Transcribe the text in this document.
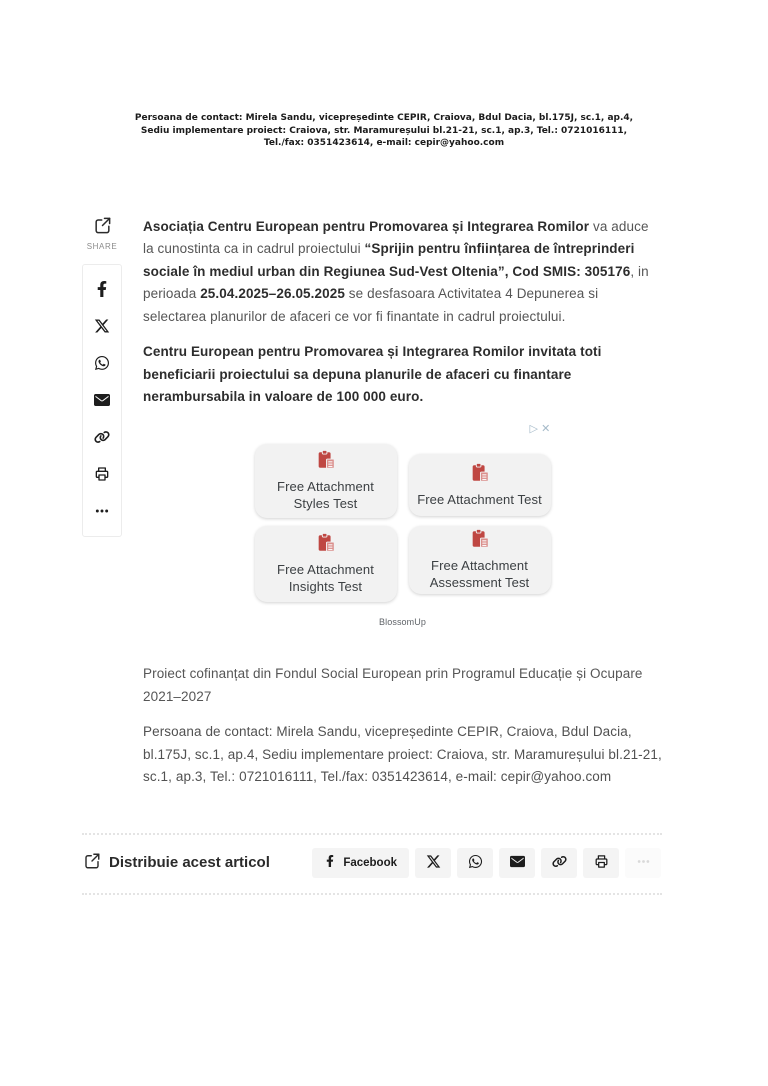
Persoana de contact: Mirela Sandu, vicepreședinte CEPIR, Craiova, Bdul Dacia, bl.175J, sc.1, ap.4,
Sediu implementare proiect: Craiova, str. Maramureșului bl.21-21, sc.1, ap.3, Tel.: 0721016111,
Tel./fax: 0351423614, e-mail: cepir@yahoo.com
SHARE

Asociația Centru European pentru Promovarea și Integrarea Romilor va aduce la cunostinta ca in cadrul proiectului “Sprijin pentru înființarea de întreprinderi sociale în mediul urban din Regiunea Sud-Vest Oltenia”, Cod SMIS: 305176, in perioada 25.04.2025–26.05.2025 se desfasoara Activitatea 4 Depunerea si selectarea planurilor de afaceri ce vor fi finantate in cadrul proiectului.

Centru European pentru Promovarea și Integrarea Romilor invitata toti beneficiarii proiectului sa depuna planurile de afaceri cu finantare nerambursabila in valoare de 100 000 euro.

▷ ✕
Free Attachment Styles Test	Free Attachment Test
Free Attachment Insights Test
Free Attachment Assessment Test
BlossomUp

Proiect cofinanțat din Fondul Social European prin Programul Educație și Ocupare 2021–2027

Persoana de contact: Mirela Sandu, vicepreședinte CEPIR, Craiova, Bdul Dacia, bl.175J, sc.1, ap.4, Sediu implementare proiect: Craiova, str. Maramureșului bl.21-21, sc.1, ap.3, Tel.: 0721016111, Tel./fax: 0351423614, e-mail: cepir@yahoo.com

Distribuie acest articol	Facebook
